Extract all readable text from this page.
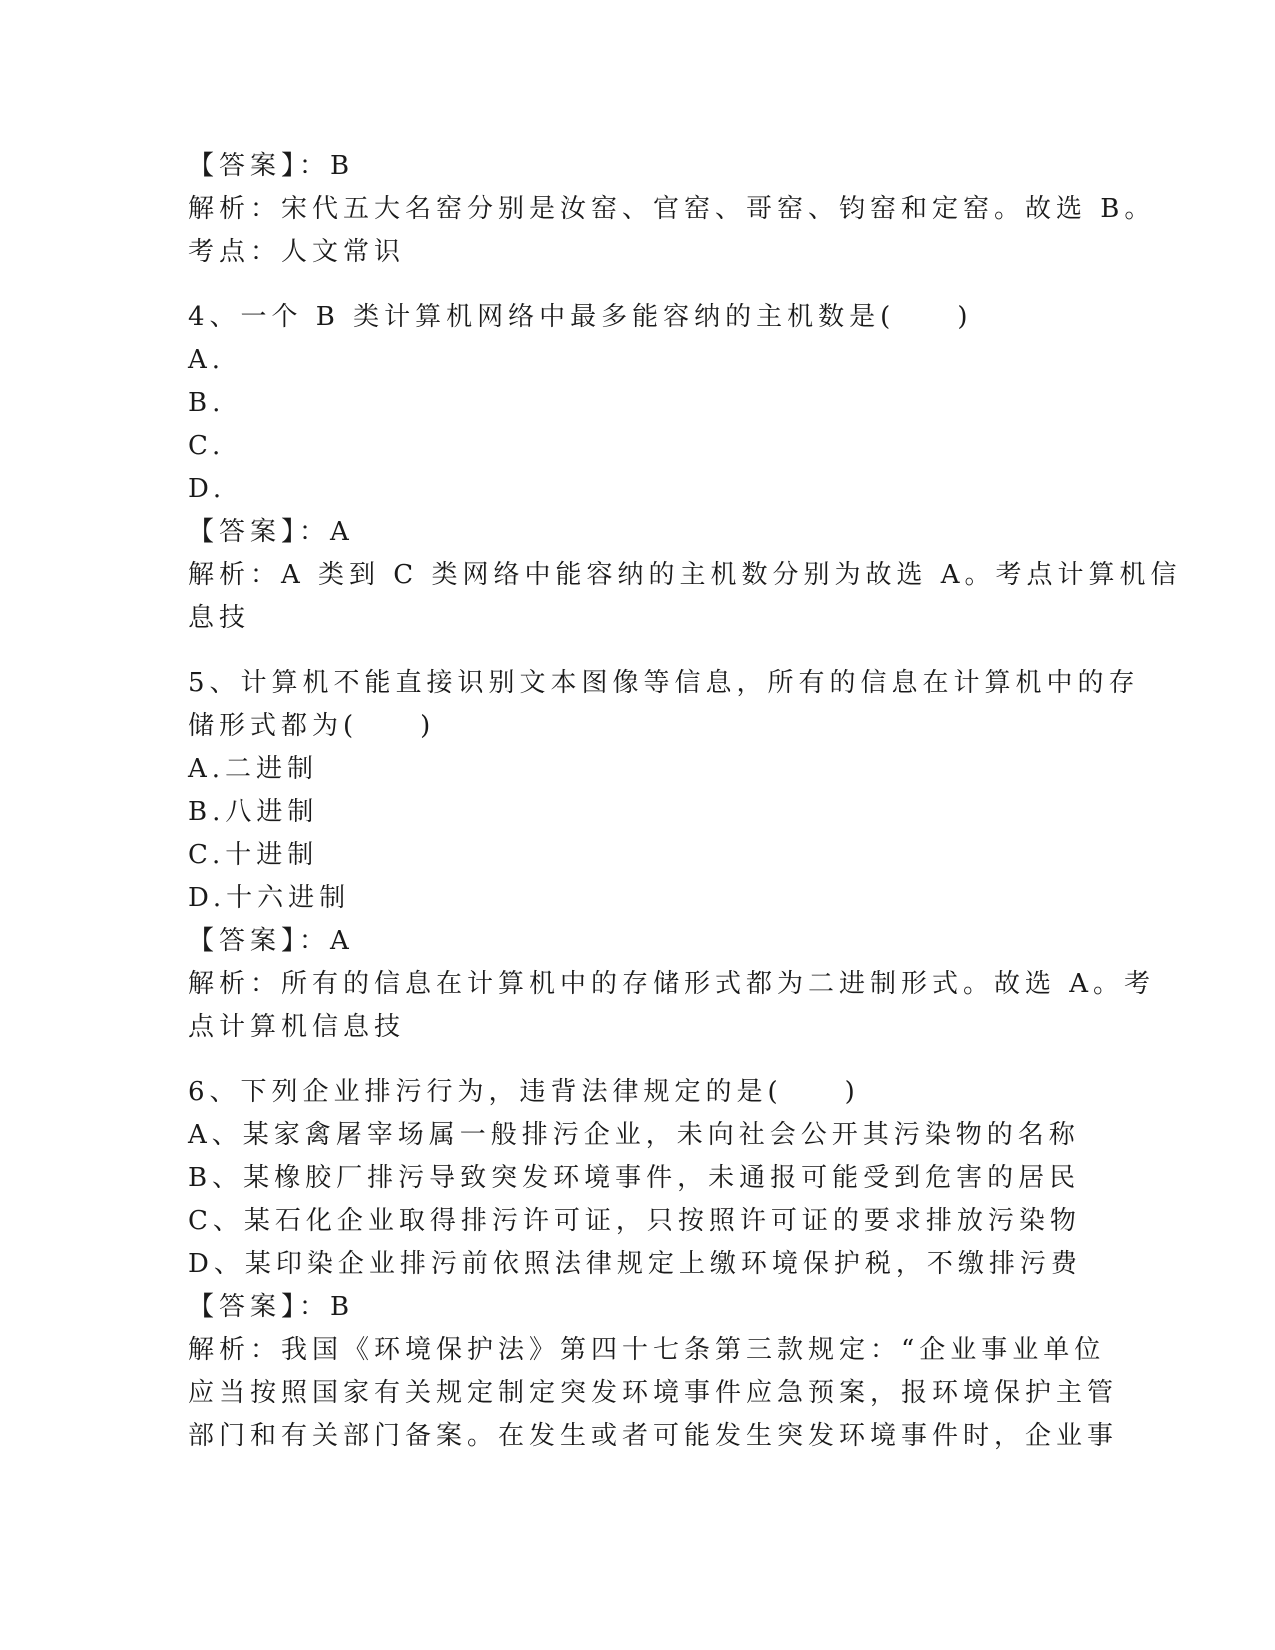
【答案】：B
解析：宋代五大名窑分别是汝窑、官窑、哥窑、钧窑和定窑。故选 B。
考点：人文常识
4、一个 B 类计算机网络中最多能容纳的主机数是(　　)
A.
B.
C.
D.
【答案】：A
解析：A 类到 C 类网络中能容纳的主机数分别为故选 A。考点计算机信
息技
5、计算机不能直接识别文本图像等信息，所有的信息在计算机中的存
储形式都为(　　)
A.二进制
B.八进制
C.十进制
D.十六进制
【答案】：A
解析：所有的信息在计算机中的存储形式都为二进制形式。故选 A。考
点计算机信息技
6、下列企业排污行为，违背法律规定的是(　　)
A、某家禽屠宰场属一般排污企业，未向社会公开其污染物的名称
B、某橡胶厂排污导致突发环境事件，未通报可能受到危害的居民
C、某石化企业取得排污许可证，只按照许可证的要求排放污染物
D、某印染企业排污前依照法律规定上缴环境保护税，不缴排污费
【答案】：B
解析：我国《环境保护法》第四十七条第三款规定：“企业事业单位
应当按照国家有关规定制定突发环境事件应急预案，报环境保护主管
部门和有关部门备案。在发生或者可能发生突发环境事件时，企业事
